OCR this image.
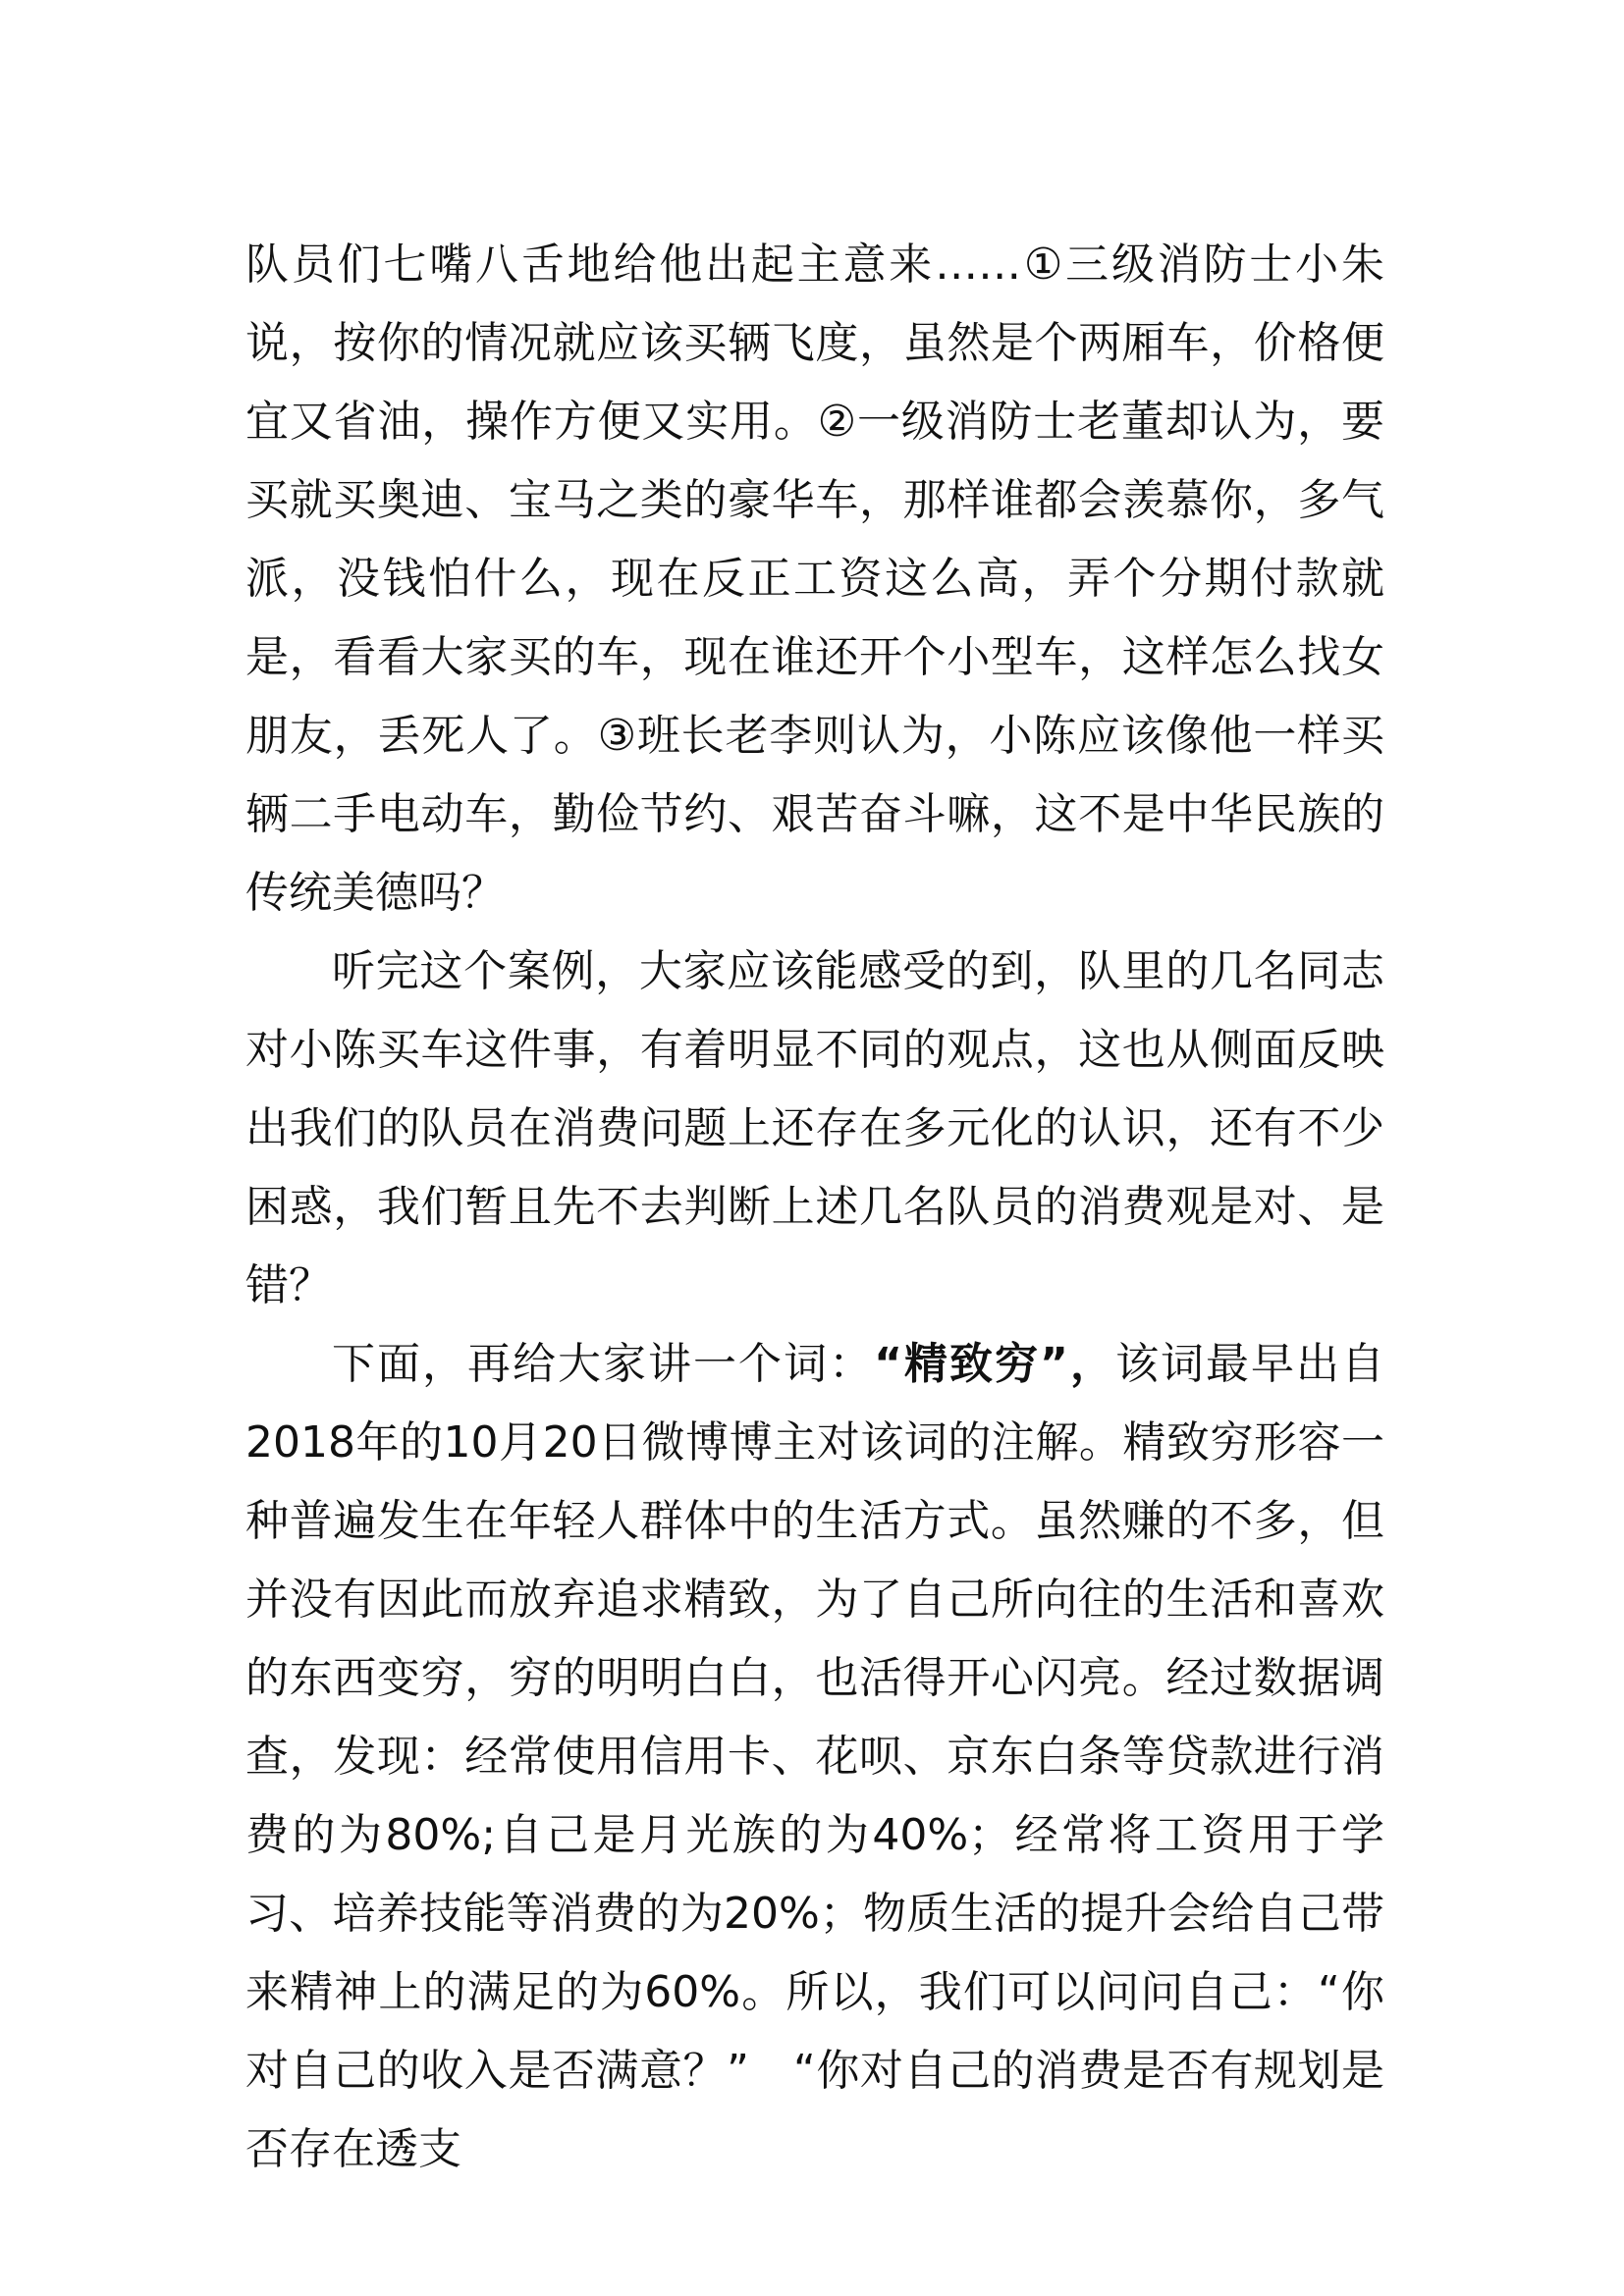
队员们七嘴八舌地给他出起主意来……①三级消防士小朱说，按你的情况就应该买辆飞度，虽然是个两厢车，价格便宜又省油，操作方便又实用。②一级消防士老董却认为，要买就买奥迪、宝马之类的豪华车，那样谁都会羡慕你，多气派，没钱怕什么，现在反正工资这么高，弄个分期付款就是，看看大家买的车，现在谁还开个小型车，这样怎么找女朋友，丢死人了。③班长老李则认为，小陈应该像他一样买辆二手电动车，勤俭节约、艰苦奋斗嘛，这不是中华民族的传统美德吗？

听完这个案例，大家应该能感受的到，队里的几名同志对小陈买车这件事，有着明显不同的观点，这也从侧面反映出我们的队员在消费问题上还存在多元化的认识，还有不少困惑，我们暂且先不去判断上述几名队员的消费观是对、是错？

下面，再给大家讲一个词：“精致穷”，该词最早出自2018年的10月20日微博博主对该词的注解。精致穷形容一种普遍发生在年轻人群体中的生活方式。虽然赚的不多，但并没有因此而放弃追求精致，为了自己所向往的生活和喜欢的东西变穷，穷的明明白白，也活得开心闪亮。经过数据调查，发现：经常使用信用卡、花呗、京东白条等贷款进行消费的为80%;自己是月光族的为40%；经常将工资用于学习、培养技能等消费的为20%；物质生活的提升会给自己带来精神上的满足的为60%。所以，我们可以问问自己：“你对自己的收入是否满意？”　“你对自己的消费是否有规划是否存在透支
